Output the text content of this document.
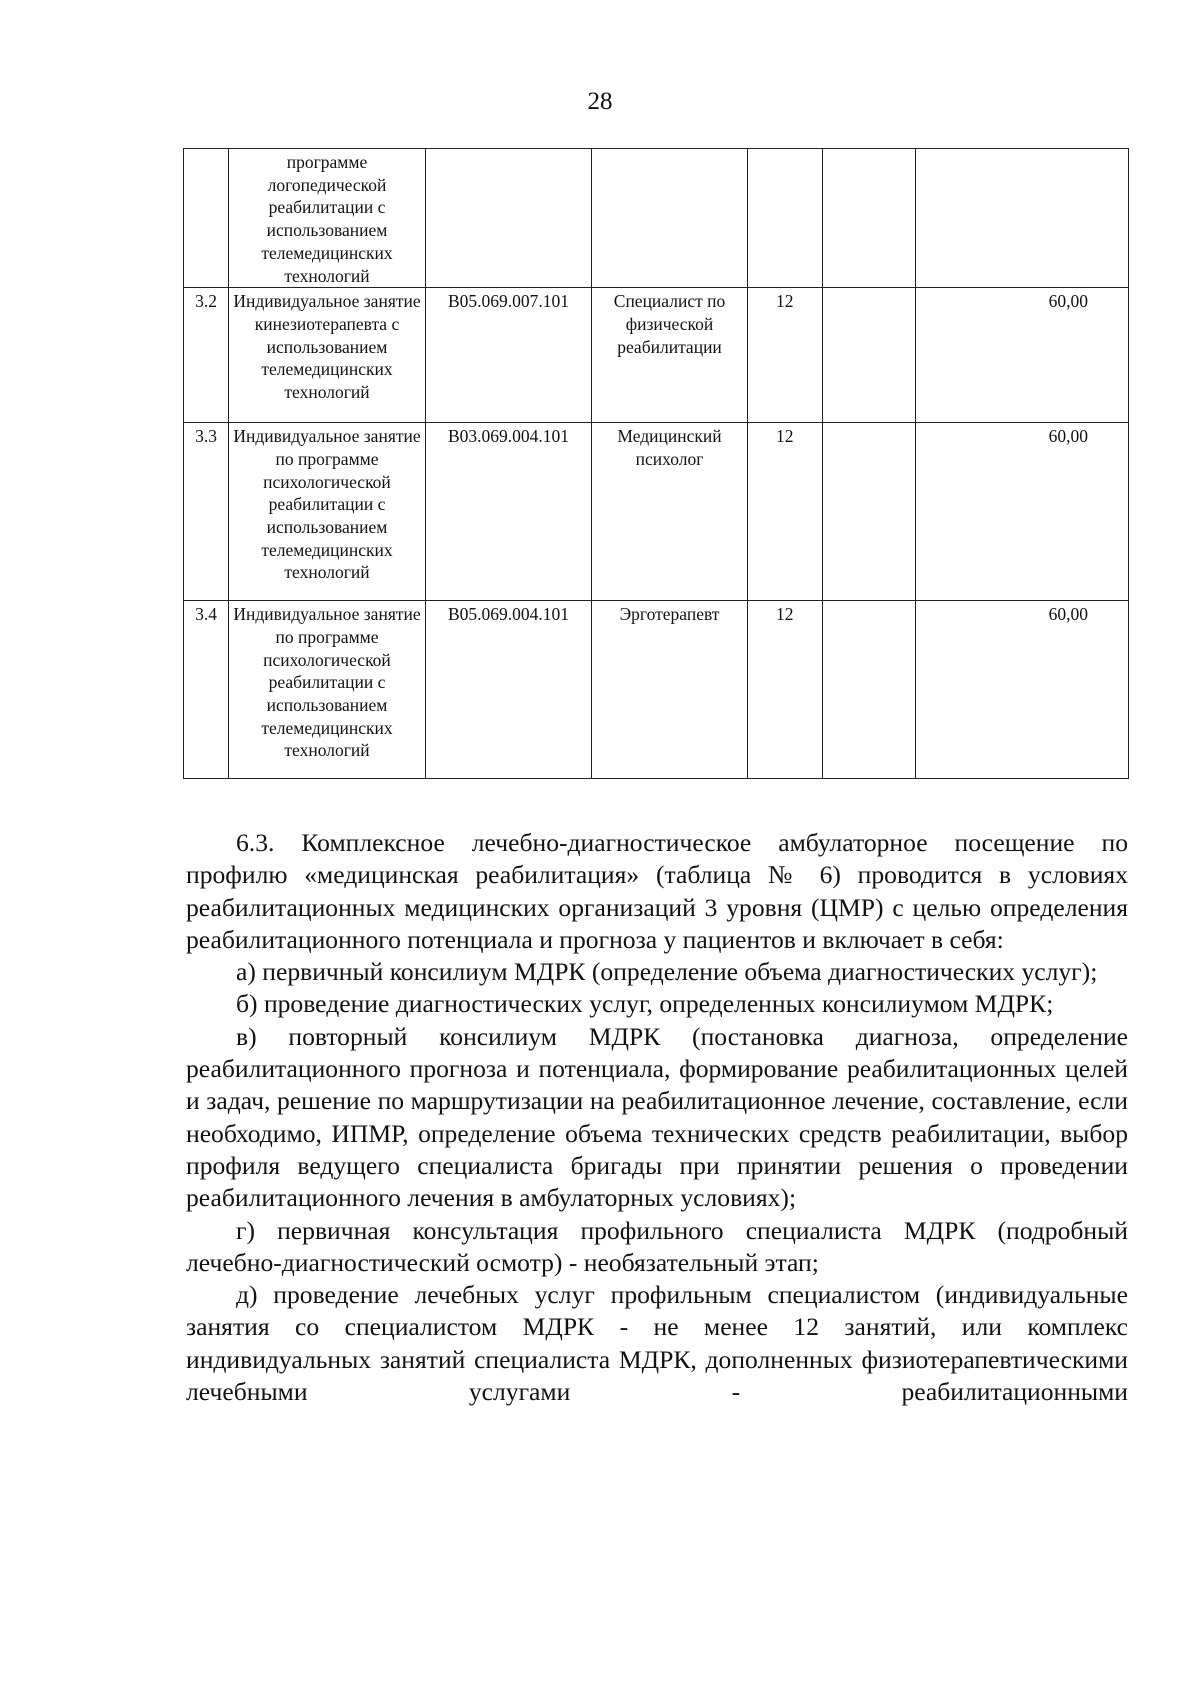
28
	программе логопедической реабилитации с использованием телемедицинских технологий					
3.2	Индивидуальное занятие кинезиотерапевта с использованием телемедицинских технологий	B05.069.007.101	Специалист по физической реабилитации	12		60,00
3.3	Индивидуальное занятие по программе психологической реабилитации с использованием телемедицинских технологий	B03.069.004.101	Медицинский психолог	12		60,00
3.4	Индивидуальное занятие по программе психологической реабилитации с использованием телемедицинских технологий	B05.069.004.101	Эрготерапевт	12		60,00

6.3. Комплексное лечебно-диагностическое амбулаторное посещение по профилю «медицинская реабилитация» (таблица № 6) проводится в условиях реабилитационных медицинских организаций 3 уровня (ЦМР) с целью определения реабилитационного потенциала и прогноза у пациентов и включает в себя:

а) первичный консилиум МДРК (определение объема диагностических услуг);

б) проведение диагностических услуг, определенных консилиумом МДРК;

в) повторный консилиум МДРК (постановка диагноза, определение реабилитационного прогноза и потенциала, формирование реабилитационных целей и задач, решение по маршрутизации на реабилитационное лечение, составление, если необходимо, ИПМР, определение объема технических средств реабилитации, выбор профиля ведущего специалиста бригады при принятии решения о проведении реабилитационного лечения в амбулаторных условиях);

г) первичная консультация профильного специалиста МДРК (подробный лечебно-диагностический осмотр) - необязательный этап;

д) проведение лечебных услуг профильным специалистом (индивидуальные занятия со специалистом МДРК - не менее 12 занятий, или комплекс индивидуальных занятий специалиста МДРК, дополненных физиотерапевтическими лечебными услугами - реабилитационными
